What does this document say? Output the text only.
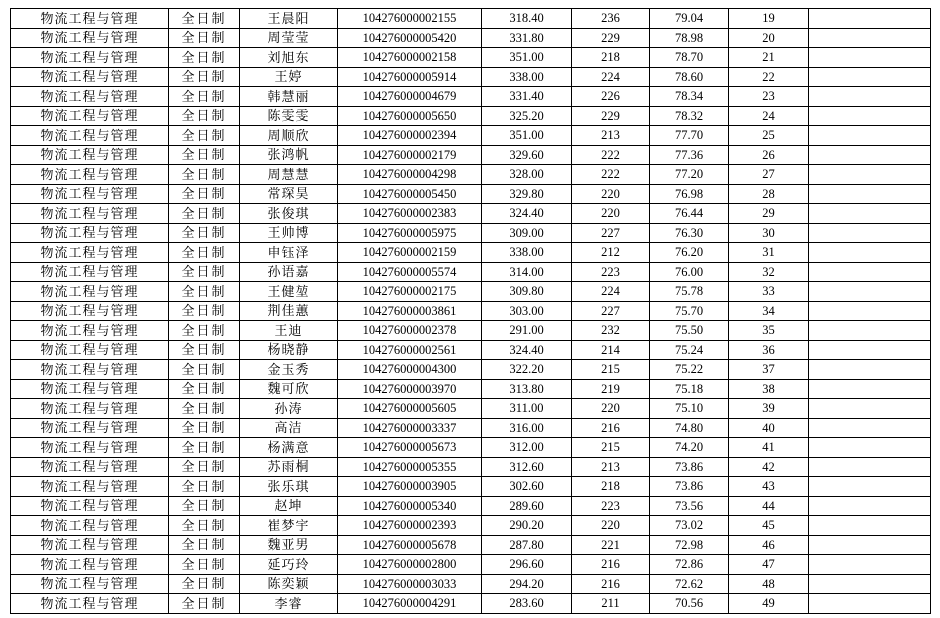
物流工程与管理	全日制	王晨阳	104276000002155	318.40	236	79.04	19	
物流工程与管理	全日制	周莹莹	104276000005420	331.80	229	78.98	20	
物流工程与管理	全日制	刘旭东	104276000002158	351.00	218	78.70	21	
物流工程与管理	全日制	王婷	104276000005914	338.00	224	78.60	22	
物流工程与管理	全日制	韩慧丽	104276000004679	331.40	226	78.34	23	
物流工程与管理	全日制	陈雯雯	104276000005650	325.20	229	78.32	24	
物流工程与管理	全日制	周顺欣	104276000002394	351.00	213	77.70	25	
物流工程与管理	全日制	张鸿帆	104276000002179	329.60	222	77.36	26	
物流工程与管理	全日制	周慧慧	104276000004298	328.00	222	77.20	27	
物流工程与管理	全日制	常琛昊	104276000005450	329.80	220	76.98	28	
物流工程与管理	全日制	张俊琪	104276000002383	324.40	220	76.44	29	
物流工程与管理	全日制	王帅博	104276000005975	309.00	227	76.30	30	
物流工程与管理	全日制	申钰泽	104276000002159	338.00	212	76.20	31	
物流工程与管理	全日制	孙语嘉	104276000005574	314.00	223	76.00	32	
物流工程与管理	全日制	王健堃	104276000002175	309.80	224	75.78	33	
物流工程与管理	全日制	荆佳蕙	104276000003861	303.00	227	75.70	34	
物流工程与管理	全日制	王迪	104276000002378	291.00	232	75.50	35	
物流工程与管理	全日制	杨晓静	104276000002561	324.40	214	75.24	36	
物流工程与管理	全日制	金玉秀	104276000004300	322.20	215	75.22	37	
物流工程与管理	全日制	魏可欣	104276000003970	313.80	219	75.18	38	
物流工程与管理	全日制	孙涛	104276000005605	311.00	220	75.10	39	
物流工程与管理	全日制	高洁	104276000003337	316.00	216	74.80	40	
物流工程与管理	全日制	杨满意	104276000005673	312.00	215	74.20	41	
物流工程与管理	全日制	苏雨桐	104276000005355	312.60	213	73.86	42	
物流工程与管理	全日制	张乐琪	104276000003905	302.60	218	73.86	43	
物流工程与管理	全日制	赵坤	104276000005340	289.60	223	73.56	44	
物流工程与管理	全日制	崔梦宇	104276000002393	290.20	220	73.02	45	
物流工程与管理	全日制	魏亚男	104276000005678	287.80	221	72.98	46	
物流工程与管理	全日制	延巧玲	104276000002800	296.60	216	72.86	47	
物流工程与管理	全日制	陈奕颖	104276000003033	294.20	216	72.62	48	
物流工程与管理	全日制	李睿	104276000004291	283.60	211	70.56	49	
